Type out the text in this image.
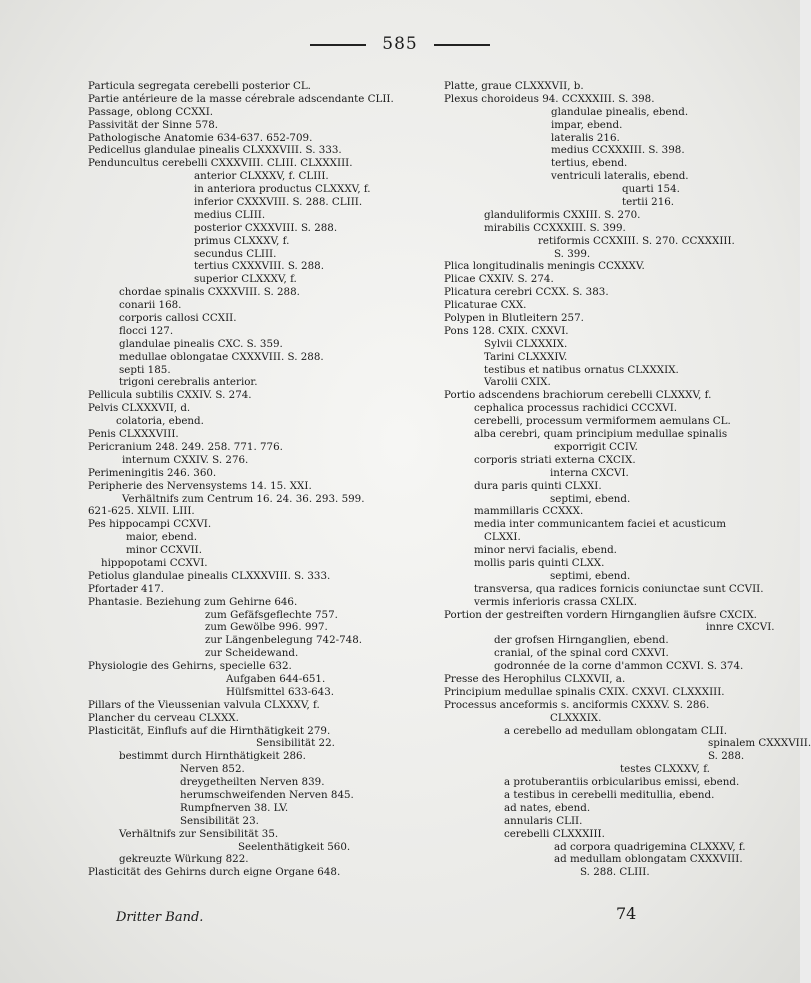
585
Particula segregata cerebelli posterior CL.
Partie antérieure de la masse cérebrale adscendante CLII.
Passage, oblong CCXXI.
Passivität der Sinne 578.
Pathologische Anatomie 634-637. 652-709.
Pedicellus glandulae pinealis CLXXXVIII. S. 333.
Penduncultus cerebelli CXXXVIII. CLIII. CLXXXIII.
anterior CLXXXV, f. CLIII.
in anteriora productus CLXXXV, f.
inferior CXXXVIII. S. 288. CLIII.
medius CLIII.
posterior CXXXVIII. S. 288.
primus CLXXXV, f.
secundus CLIII.
tertius CXXXVIII. S. 288.
superior CLXXXV, f.
chordae spinalis CXXXVIII. S. 288.
conarii 168.
corporis callosi CCXII.
flocci 127.
glandulae pinealis CXC. S. 359.
medullae oblongatae CXXXVIII. S. 288.
septi 185.
trigoni cerebralis anterior.
Pellicula subtilis CXXIV. S. 274.
Pelvis CLXXXVII, d.
colatoria, ebend.
Penis CLXXXVIII.
Pericranium 248. 249. 258. 771. 776.
internum CXXIV. S. 276.
Perimeningitis 246. 360.
Peripherie des Nervensystems 14. 15. XXI.
Verhältnifs zum Centrum 16. 24. 36. 293. 599.
621-625. XLVII. LIII.
Pes hippocampi CCXVI.
maior, ebend.
minor CCXVII.
hippopotami CCXVI.
Petiolus glandulae pinealis CLXXXVIII. S. 333.
Pfortader 417.
Phantasie. Beziehung zum Gehirne 646.
zum Gefäfsgeflechte 757.
zum Gewölbe 996. 997.
zur Längenbelegung 742-748.
zur Scheidewand.
Physiologie des Gehirns, specielle 632.
Aufgaben 644-651.
Hülfsmittel 633-643.
Pillars of the Vieussenian valvula CLXXXV, f.
Plancher du cerveau CLXXX.
Plasticität, Einflufs auf die Hirnthätigkeit 279.
Sensibilität 22.
bestimmt durch Hirnthätigkeit 286.
Nerven 852.
dreygetheilten Nerven 839.
herumschweifenden Nerven 845.
Rumpfnerven 38. LV.
Sensibilität 23.
Verhältnifs zur Sensibilität 35.
Seelenthätigkeit 560.
gekreuzte Würkung 822.
Plasticität des Gehirns durch eigne Organe 648.
Platte, graue CLXXXVII, b.
Plexus choroideus 94. CCXXXIII. S. 398.
glandulae pinealis, ebend.
impar, ebend.
lateralis 216.
medius CCXXXIII. S. 398.
tertius, ebend.
ventriculi lateralis, ebend.
quarti 154.
tertii 216.
glanduliformis CXXIII. S. 270.
mirabilis CCXXXIII. S. 399.
retiformis CCXXIII. S. 270. CCXXXIII.
S. 399.
Plica longitudinalis meningis CCXXXV.
Plicae CXXIV. S. 274.
Plicatura cerebri CCXX. S. 383.
Plicaturae CXX.
Polypen in Blutleitern 257.
Pons 128. CXIX. CXXVI.
Sylvii CLXXXIX.
Tarini CLXXXIV.
testibus et natibus ornatus CLXXXIX.
Varolii CXIX.
Portio adscendens brachiorum cerebelli CLXXXV, f.
cephalica processus rachidici CCCXVI.
cerebelli, processum vermiformem aemulans CL.
alba cerebri, quam principium medullae spinalis
exporrigit CCIV.
corporis striati externa CXCIX.
interna CXCVI.
dura paris quinti CLXXI.
septimi, ebend.
mammillaris CCXXX.
media inter communicantem faciei et acusticum
CLXXI.
minor nervi facialis, ebend.
mollis paris quinti CLXX.
septimi, ebend.
transversa, qua radices fornicis coniunctae sunt CCVII.
vermis inferioris crassa CXLIX.
Portion der gestreiften vordern Hirnganglien äufsre CXCIX.
innre CXCVI.
der grofsen Hirnganglien, ebend.
cranial, of the spinal cord CXXVI.
godronnée de la corne d'ammon CCXVI. S. 374.
Presse des Herophilus CLXXVII, a.
Principium medullae spinalis CXIX. CXXVI. CLXXXIII.
Processus anceformis s. anciformis CXXXV. S. 286.
CLXXXIX.
a cerebello ad medullam oblongatam CLII.
spinalem CXXXVIII.
S. 288.
testes CLXXXV, f.
a protuberantiis orbicularibus emissi, ebend.
a testibus in cerebelli meditullia, ebend.
ad nates, ebend.
annularis CLII.
cerebelli CLXXXIII.
ad corpora quadrigemina CLXXXV, f.
ad medullam oblongatam CXXXVIII.
S. 288. CLIII.
Dritter Band.	74
